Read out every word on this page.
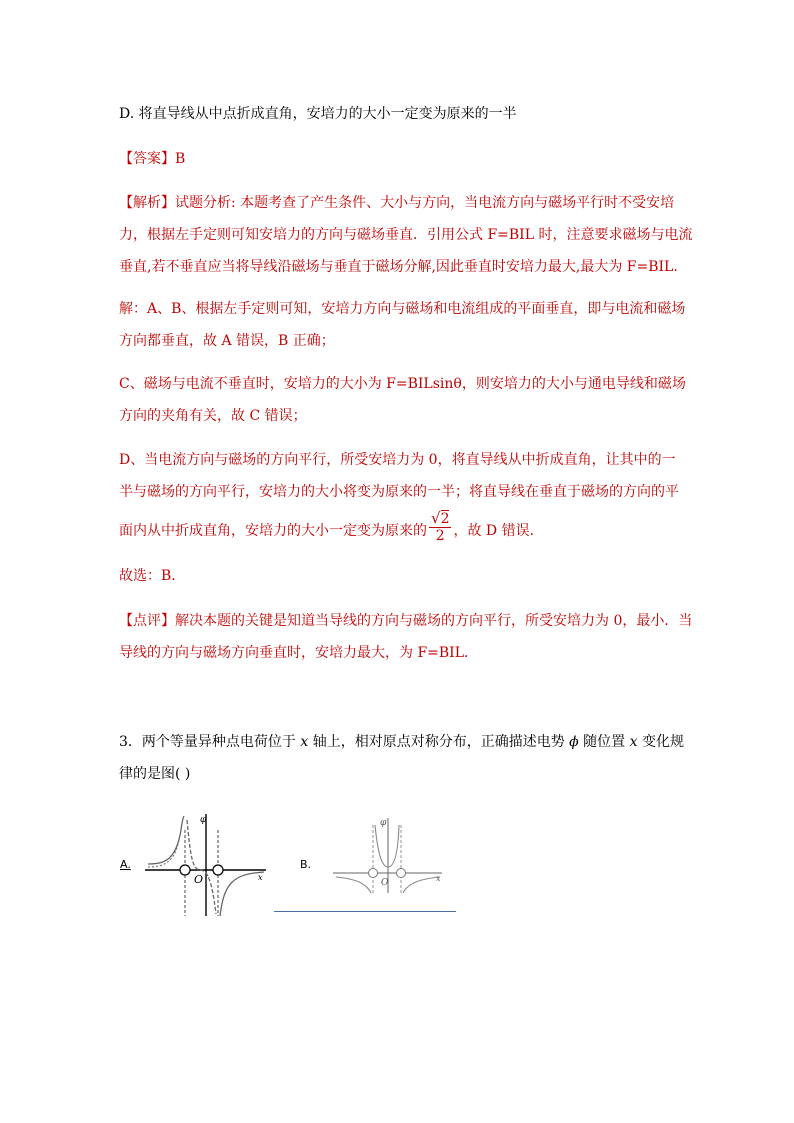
D. 将直导线从中点折成直角，安培力的大小一定变为原来的一半
【答案】B
【解析】试题分析: 本题考查了产生条件、大小与方向，当电流方向与磁场平行时不受安培
力，根据左手定则可知安培力的方向与磁场垂直．引用公式 F=BIL 时，注意要求磁场与电流
垂直,若不垂直应当将导线沿磁场与垂直于磁场分解,因此垂直时安培力最大,最大为 F=BIL.
解：A、B、根据左手定则可知，安培力方向与磁场和电流组成的平面垂直，即与电流和磁场
方向都垂直，故 A 错误，B 正确；
C、磁场与电流不垂直时，安培力的大小为 F=BILsinθ，则安培力的大小与通电导线和磁场
方向的夹角有关，故 C 错误；
D、当电流方向与磁场的方向平行，所受安培力为 0，将直导线从中折成直角，让其中的一
半与磁场的方向平行，安培力的大小将变为原来的一半；将直导线在垂直于磁场的方向的平
面内从中折成直角，安培力的大小一定变为原来的 $\frac{√2}{2}$ ，故 D 错误．
故选：B．
【点评】解决本题的关键是知道当导线的方向与磁场的方向平行，所受安培力为 0，最小．当
导线的方向与磁场方向垂直时，安培力最大，为 F=BIL．
3．两个等量异种点电荷位于 x 轴上，相对原点对称分布，正确描述电势 ϕ 随位置 x 变化规
律的是图( )
A.	B.
φ
x
O
φ
x
O
